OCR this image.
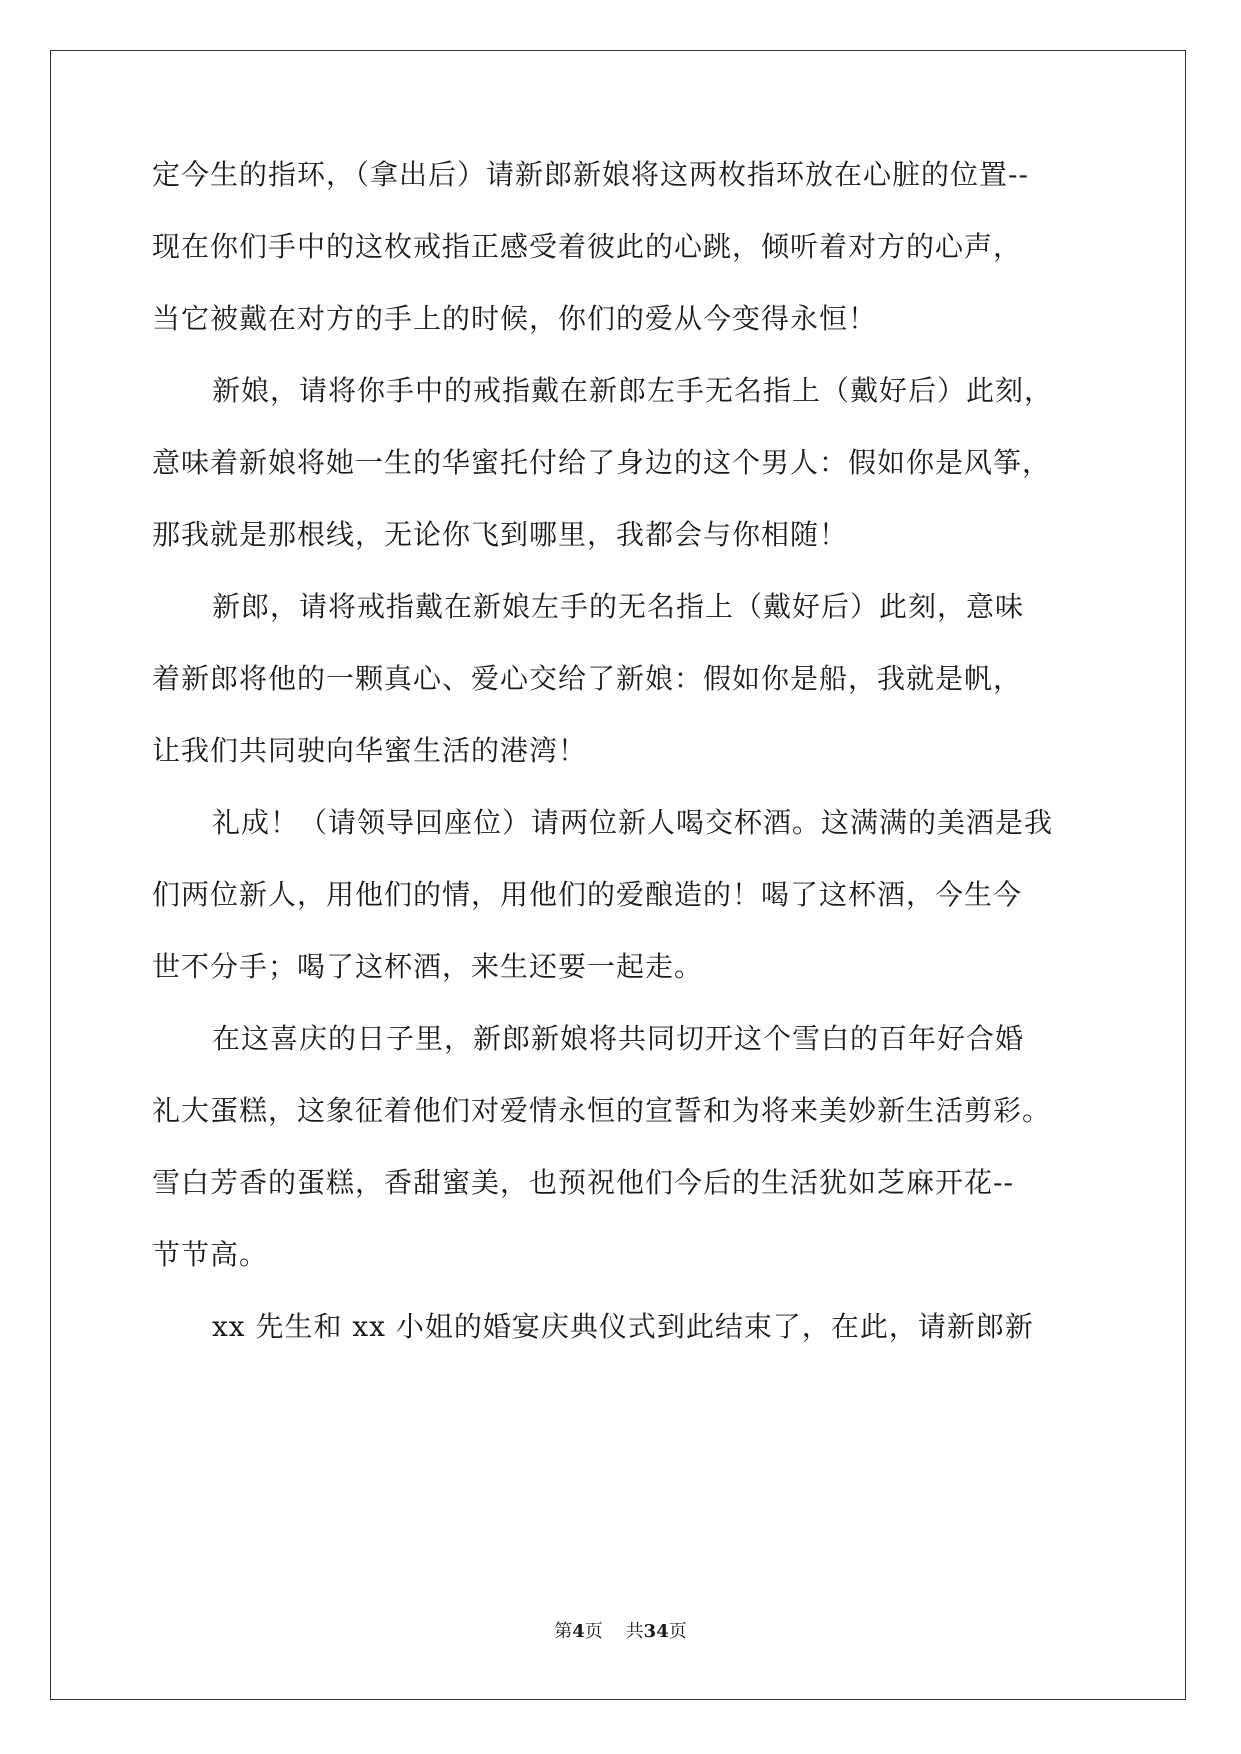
定今生的指环，（拿出后）请新郎新娘将这两枚指环放在心脏的位置--
现在你们手中的这枚戒指正感受着彼此的心跳，倾听着对方的心声，
当它被戴在对方的手上的时候，你们的爱从今变得永恒！
新娘，请将你手中的戒指戴在新郎左手无名指上（戴好后）此刻，
意味着新娘将她一生的华蜜托付给了身边的这个男人：假如你是风筝，
那我就是那根线，无论你飞到哪里，我都会与你相随！
新郎，请将戒指戴在新娘左手的无名指上（戴好后）此刻，意味
着新郎将他的一颗真心、爱心交给了新娘：假如你是船，我就是帆，
让我们共同驶向华蜜生活的港湾！
礼成！（请领导回座位）请两位新人喝交杯酒。这满满的美酒是我
们两位新人，用他们的情，用他们的爱酿造的！喝了这杯酒，今生今
世不分手；喝了这杯酒，来生还要一起走。
在这喜庆的日子里，新郎新娘将共同切开这个雪白的百年好合婚
礼大蛋糕，这象征着他们对爱情永恒的宣誓和为将来美妙新生活剪彩。
雪白芳香的蛋糕，香甜蜜美，也预祝他们今后的生活犹如芝麻开花--
节节高。
xx 先生和 xx 小姐的婚宴庆典仪式到此结束了，在此，请新郎新
第4页 共34页
